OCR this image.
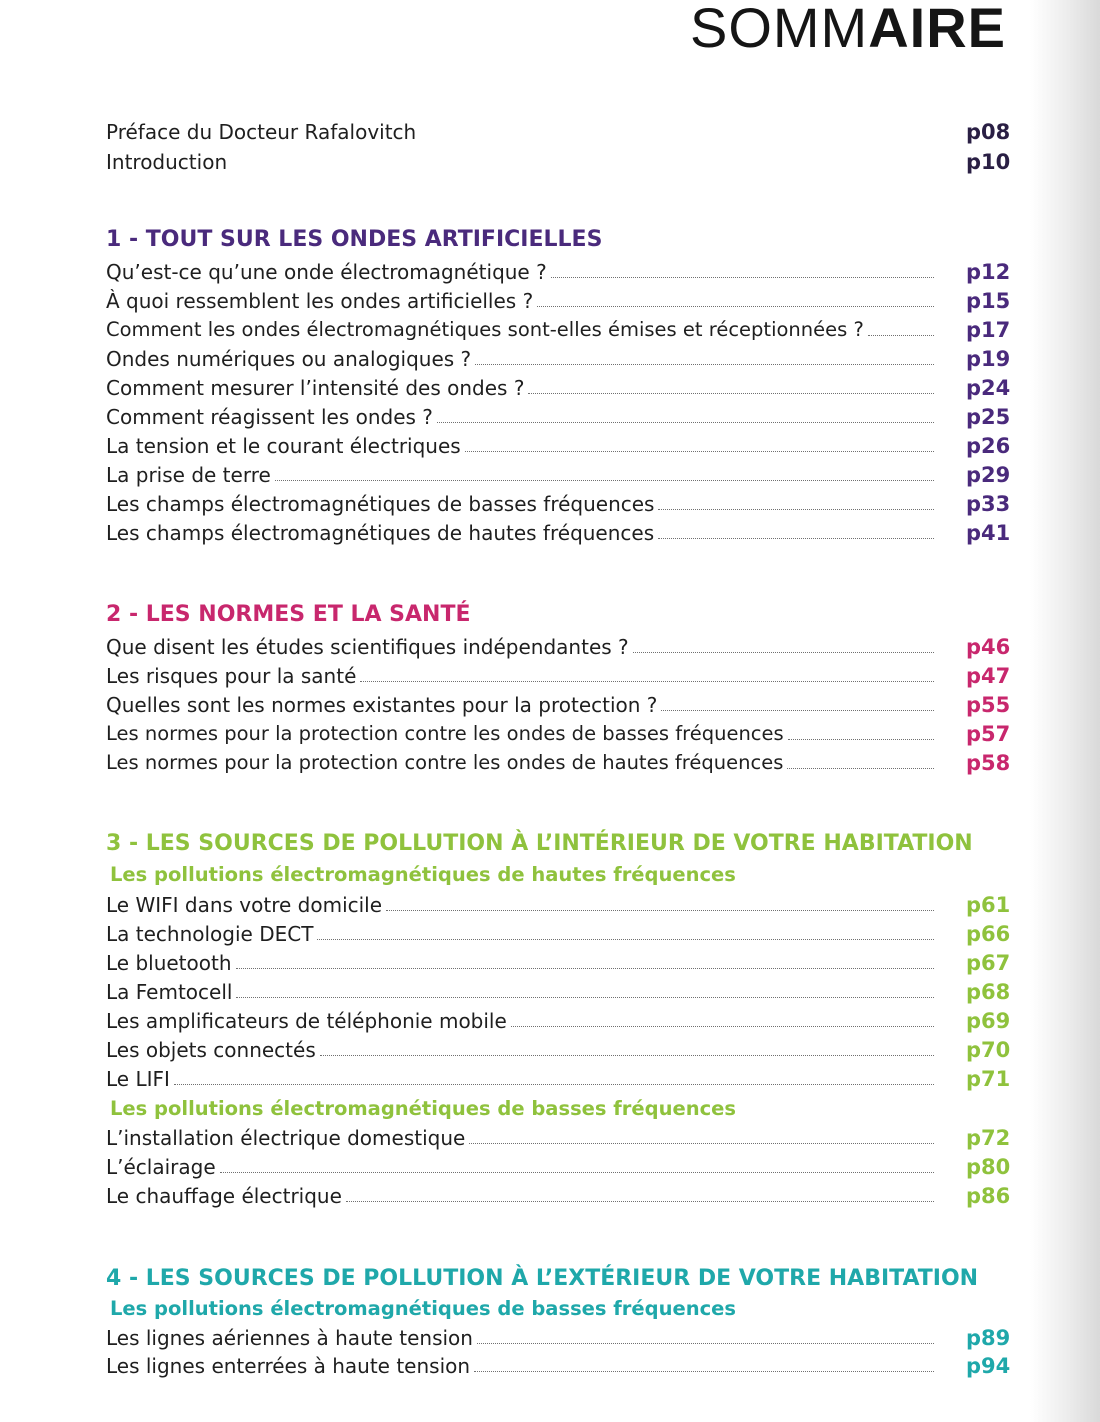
SOMMAIRE
Préface du Docteur Rafalovitch	p08
Introduction	p10
1 - TOUT SUR LES ONDES ARTIFICIELLES
Qu’est-ce qu’une onde électromagnétique ?	p12
À quoi ressemblent les ondes artificielles ?	p15
Comment les ondes électromagnétiques sont-elles émises et réceptionnées ?	p17
Ondes numériques ou analogiques ?	p19
Comment mesurer l’intensité des ondes ?	p24
Comment réagissent les ondes ?	p25
La tension et le courant électriques	p26
La prise de terre	p29
Les champs électromagnétiques de basses fréquences	p33
Les champs électromagnétiques de hautes fréquences	p41
2 - LES NORMES ET LA SANTÉ
Que disent les études scientifiques indépendantes ?	p46
Les risques pour la santé	p47
Quelles sont les normes existantes pour la protection ?	p55
Les normes pour la protection contre les ondes de basses fréquences	p57
Les normes pour la protection contre les ondes de hautes fréquences	p58
3 - LES SOURCES DE POLLUTION À L’INTÉRIEUR DE VOTRE HABITATION
Les pollutions électromagnétiques de hautes fréquences
Le WIFI dans votre domicile	p61
La technologie DECT	p66
Le bluetooth	p67
La Femtocell	p68
Les amplificateurs de téléphonie mobile	p69
Les objets connectés	p70
Le LIFI	p71
Les pollutions électromagnétiques de basses fréquences
L’installation électrique domestique	p72
L’éclairage	p80
Le chauffage électrique	p86
4 - LES SOURCES DE POLLUTION À L’EXTÉRIEUR DE VOTRE HABITATION
Les pollutions électromagnétiques de basses fréquences
Les lignes aériennes à haute tension	p89
Les lignes enterrées à haute tension	p94
